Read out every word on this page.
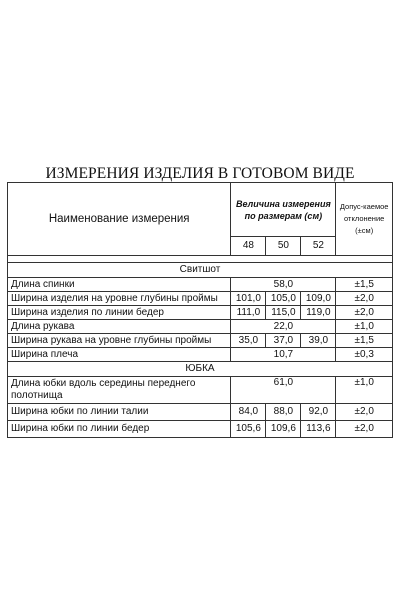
ИЗМЕРЕНИЯ ИЗДЕЛИЯ В ГОТОВОМ ВИДЕ
Наименование измерения	Величина измерения по размерам (см)			Допус-каемое отклонение (±см)
	48	50	52	

Свитшот				
Длина спинки	58,0			±1,5
Ширина изделия на уровне глубины проймы	101,0	105,0	109,0	±2,0
Ширина изделия по линии бедер	111,0	115,0	119,0	±2,0
Длина рукава	22,0			±1,0
Ширина рукава на уровне глубины проймы	35,0	37,0	39,0	±1,5
Ширина плеча	10,7			±0,3
ЮБКА				
Длина юбки вдоль середины переднего полотнища	61,0			±1,0
Ширина юбки по линии талии	84,0	88,0	92,0	±2,0
Ширина юбки по линии бедер	105,6	109,6	113,6	±2,0
